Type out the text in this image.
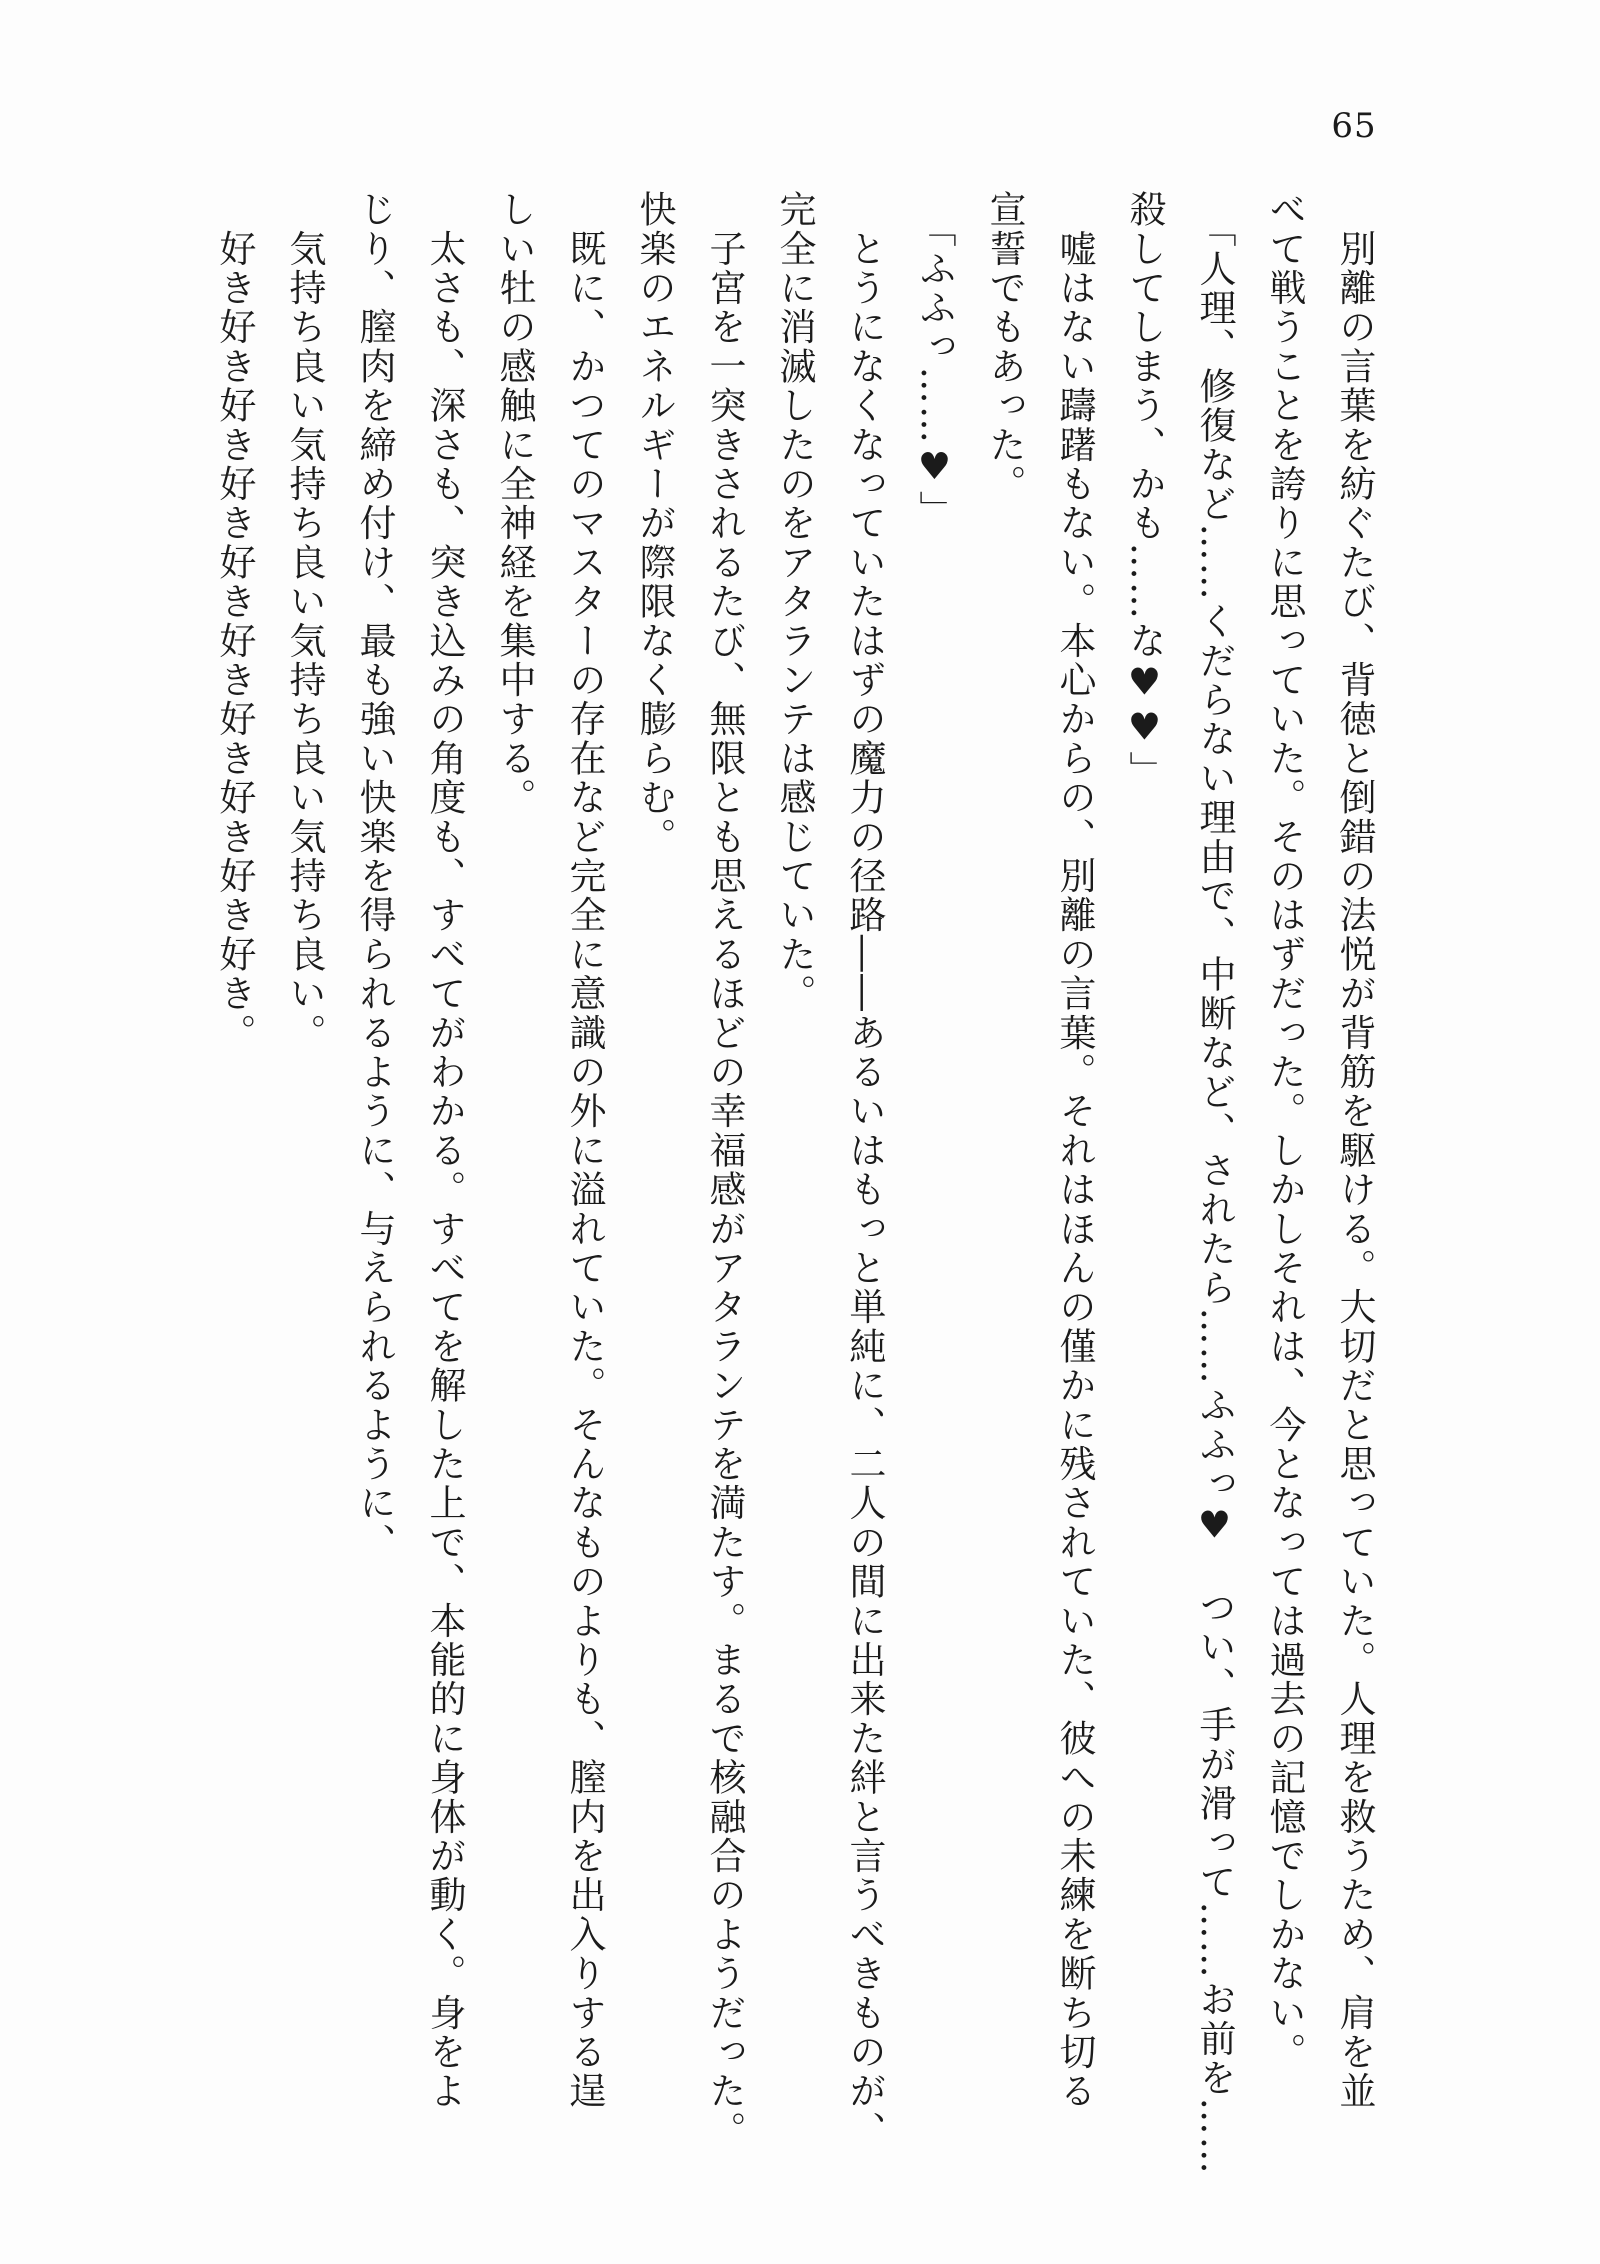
65
　別離の言葉を紡ぐたび、背徳と倒錯の法悦が背筋を駆ける。大切だと思っていた。人理を救うため、肩を並
べて戦うことを誇りに思っていた。そのはずだった。しかしそれは、今となっては過去の記憶でしかない。
「人理、修復など……くだらない理由で、中断など、されたら……ふふっ♥　つい、手が滑って……お前を……
殺してしまう、かも……な♥♥」
　嘘はない躊躇もない。本心からの、別離の言葉。それはほんの僅かに残されていた、彼への未練を断ち切る
宣誓でもあった。
「ふふっ……♥」
　とうになくなっていたはずの魔力の径路――あるいはもっと単純に、二人の間に出来た絆と言うべきものが、
完全に消滅したのをアタランテは感じていた。
　子宮を一突きされるたび、無限とも思えるほどの幸福感がアタランテを満たす。まるで核融合のようだった。
快楽のエネルギーが際限なく膨らむ。
　既に、かつてのマスターの存在など完全に意識の外に溢れていた。そんなものよりも、膣内を出入りする逞
しい牡の感触に全神経を集中する。
　太さも、深さも、突き込みの角度も、すべてがわかる。すべてを解した上で、本能的に身体が動く。身をよ
じり、膣肉を締め付け、最も強い快楽を得られるように、与えられるように、
　気持ち良い気持ち良い気持ち良い気持ち良い。
　好き好き好き好き好き好き好き好き好き好き。
